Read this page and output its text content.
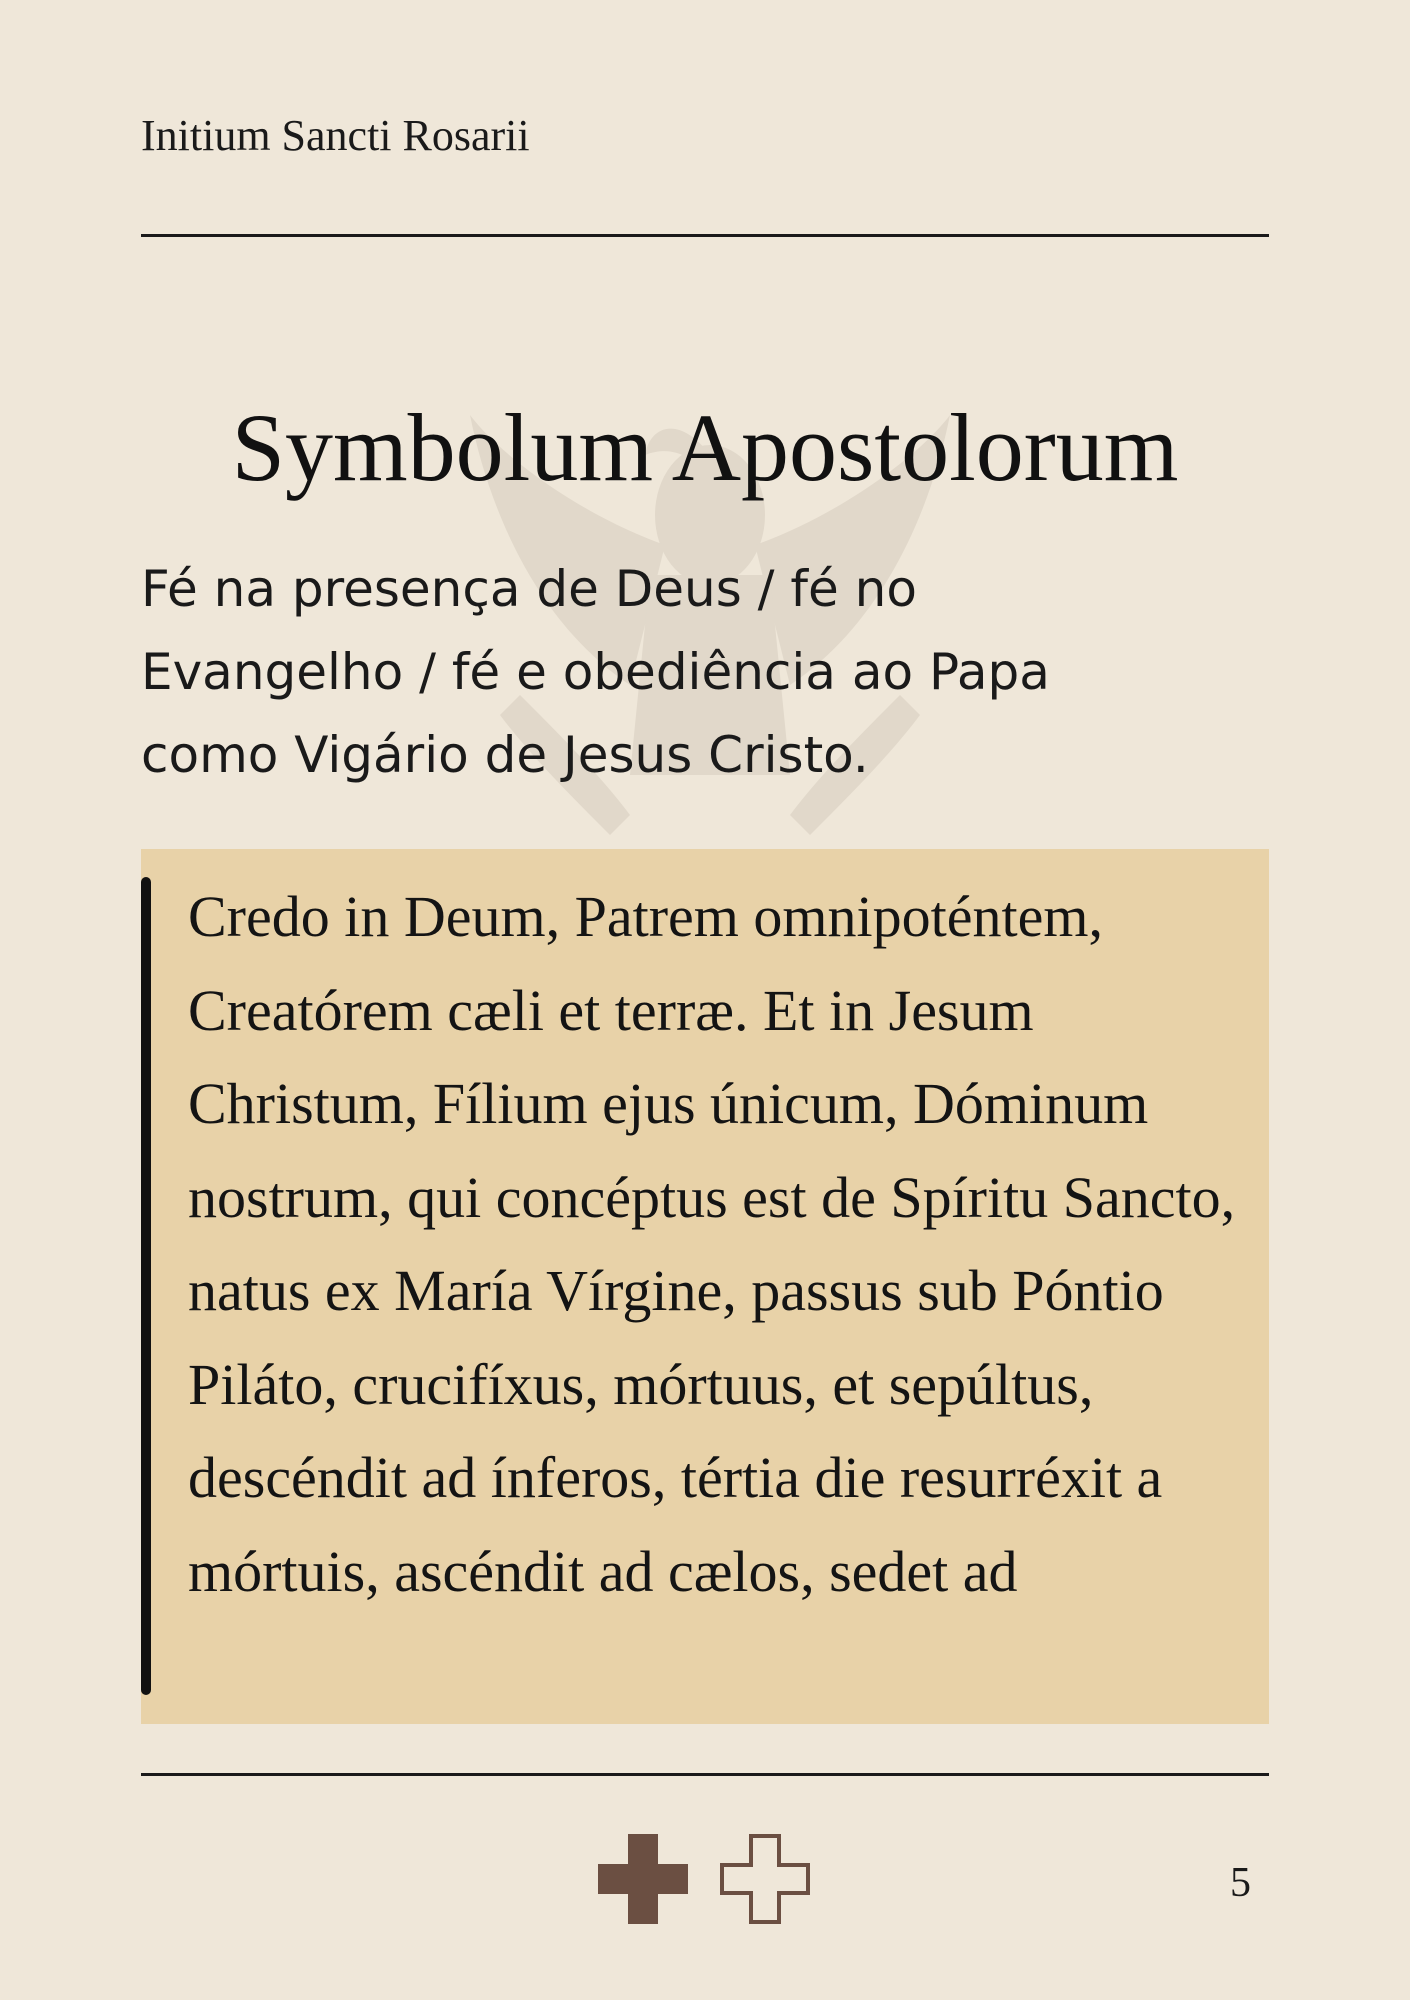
Initium Sancti Rosarii
Symbolum Apostolorum

Fé na presença de Deus / fé no Evangelho / fé e obediência ao Papa como Vigário de Jesus Cristo.

Credo in Deum, Patrem omnipoténtem, Creatórem cæli et terræ. Et in Jesum Christum, Fílium ejus únicum, Dóminum nostrum, qui concéptus est de Spíritu Sancto, natus ex María Vírgine, passus sub Póntio Piláto, crucifíxus, mórtuus, et sepúltus, descéndit ad ínferos, tértia die resurréxit a mórtuis, ascéndit ad cælos, sedet ad

5
